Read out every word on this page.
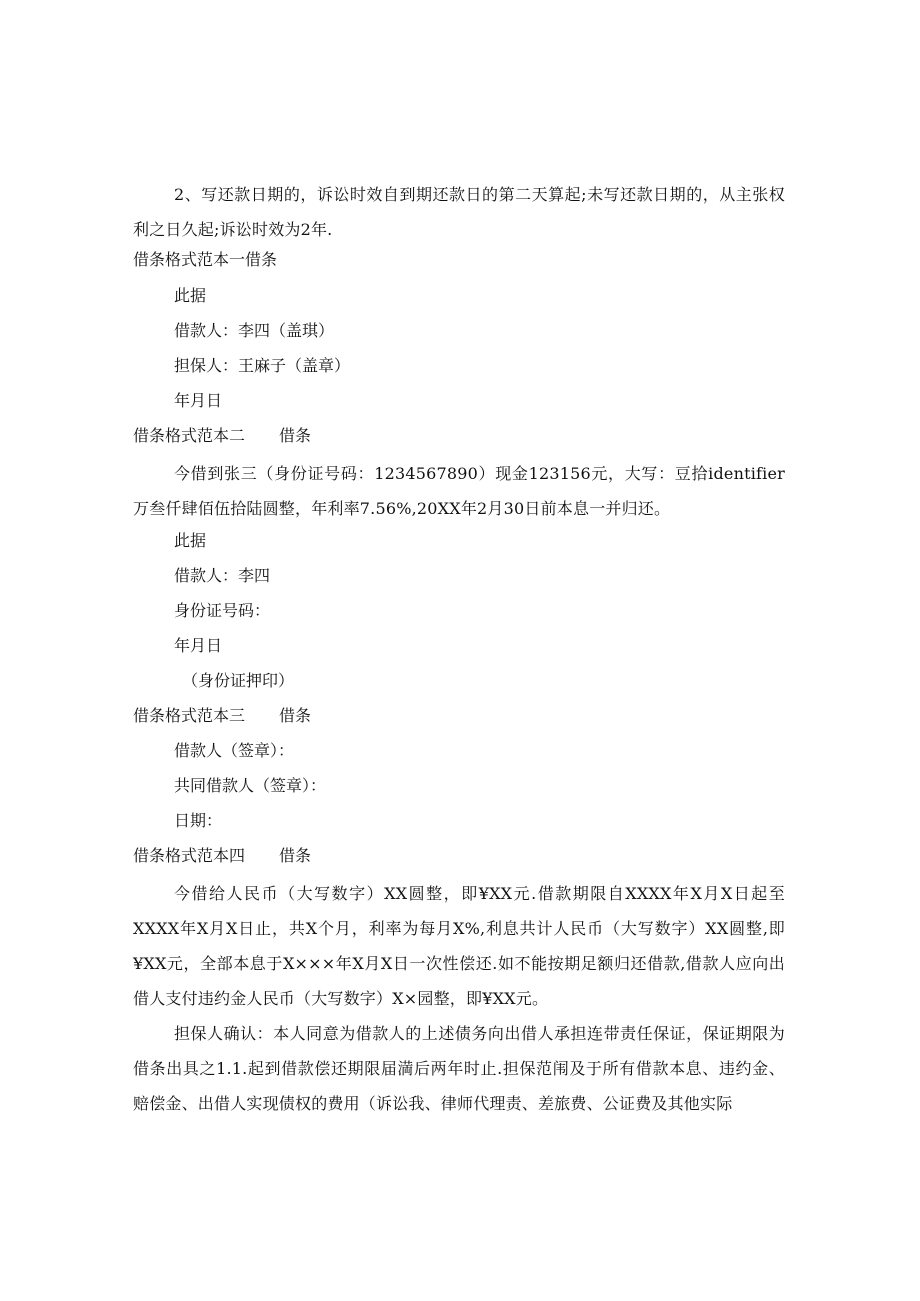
2、写还款日期的，诉讼时效自到期还款日的第二天算起;未写还款日期的，从主张权利之日久起;诉讼时效为2年.
借条格式范本一借条
此据
借款人：李四（盖琪）
担保人：王麻子（盖章）
年月日
借条格式范本二 借条
今借到张三（身份证号码：1234567890）现金123156元，大写：豆拾identifier万叁仟肆佰伍拾陆圆整，年利率7.56%,20XX年2月30日前本息一并归还。
此据
借款人：李四
身份证号码：
年月日
（身份证押印）
借条格式范本三 借条
借款人（签章）：
共同借款人（签章）：
日期：
借条格式范本四 借条
今借给人民币（大写数字）XX圆整，即¥XX元.借款期限自XXXX年X月X日起至XXXX年X月X日止，共X个月，利率为每月X%,利息共计人民币（大写数字）XX圆整,即¥XX元，全部本息于X×××年X月X日一次性偿还.如不能按期足额归还借款,借款人应向出借人支付违约金人民币（大写数字）X×园整，即¥XX元。
担保人确认：本人同意为借款人的上述债务向出借人承担连带责任保证，保证期限为借条出具之1.1.起到借款偿还期限届満后两年时止.担保范闱及于所有借款本息、违约金、赔偿金、出借人实现债权的费用（诉讼我、律师代理责、差旅费、公证费及其他实际
